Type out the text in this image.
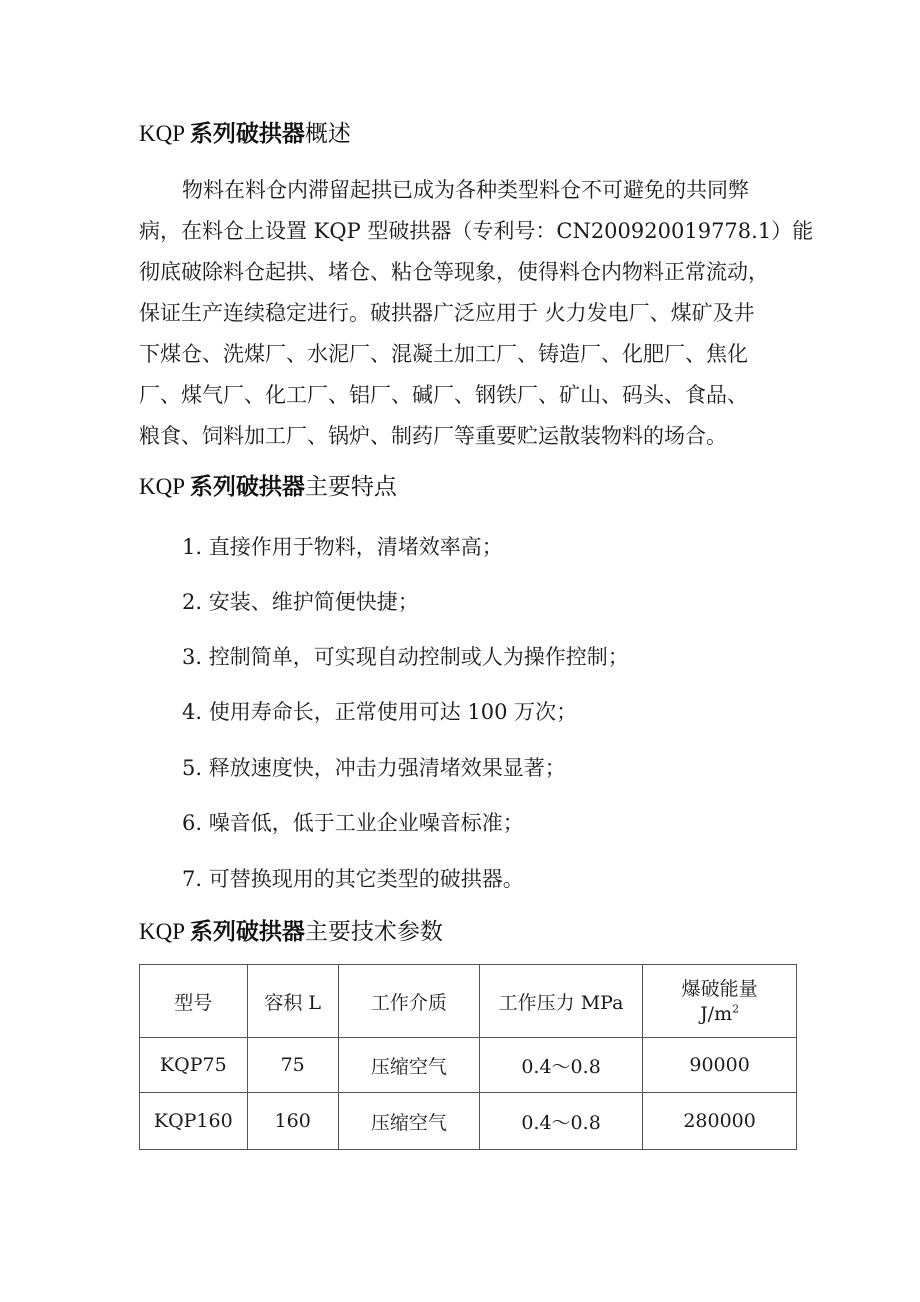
KQP 系列破拱器概述
物料在料仓内滞留起拱已成为各种类型料仓不可避免的共同弊
病，在料仓上设置 KQP 型破拱器（专利号：CN200920019778.1）能
彻底破除料仓起拱、堵仓、粘仓等现象，使得料仓内物料正常流动，
保证生产连续稳定进行。破拱器广泛应用于 火力发电厂、煤矿及井
下煤仓、洗煤厂、水泥厂、混凝土加工厂、铸造厂、化肥厂、焦化
厂、煤气厂、化工厂、铝厂、碱厂、钢铁厂、矿山、码头、食品、
粮食、饲料加工厂、锅炉、制药厂等重要贮运散装物料的场合。
KQP 系列破拱器主要特点
1. 直接作用于物料，清堵效率高；
2. 安装、维护简便快捷；
3. 控制简单，可实现自动控制或人为操作控制；
4. 使用寿命长，正常使用可达 100 万次；
5. 释放速度快，冲击力强清堵效果显著；
6. 噪音低，低于工业企业噪音标准；
7. 可替换现用的其它类型的破拱器。
KQP 系列破拱器主要技术参数
型号	容积 L	工作介质	工作压力 MPa	爆破能量
$J/m^2$

KQP75	75	压缩空气	0.4～0.8	90000
KQP160	160	压缩空气	0.4～0.8	280000
